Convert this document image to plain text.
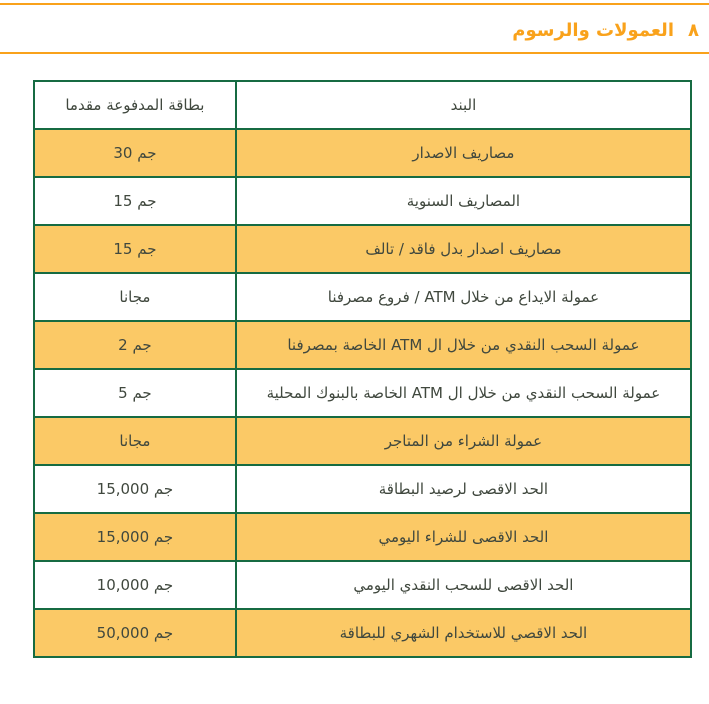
٨العمولات والرسوم
البند	بطاقة المدفوعة مقدما
مصاريف الاصدار	30 جم
المصاريف السنوية	15 جم
مصاريف اصدار بدل فاقد / تالف	15 جم
عمولة الايداع من خلال ATM / فروع مصرفنا	مجانا
عمولة السحب النقدي من خلال ال ATM الخاصة بمصرفنا	2 جم
عمولة السحب النقدي من خلال ال ATM الخاصة بالبنوك المحلية	5 جم
عمولة الشراء من المتاجر	مجانا
الحد الاقصى لرصيد البطاقة	15,000 جم
الحد الاقصى للشراء اليومي	15,000 جم
الحد الاقصى للسحب النقدي اليومي	10,000 جم
الحد الاقصي للاستخدام الشهري للبطاقة	50,000 جم
